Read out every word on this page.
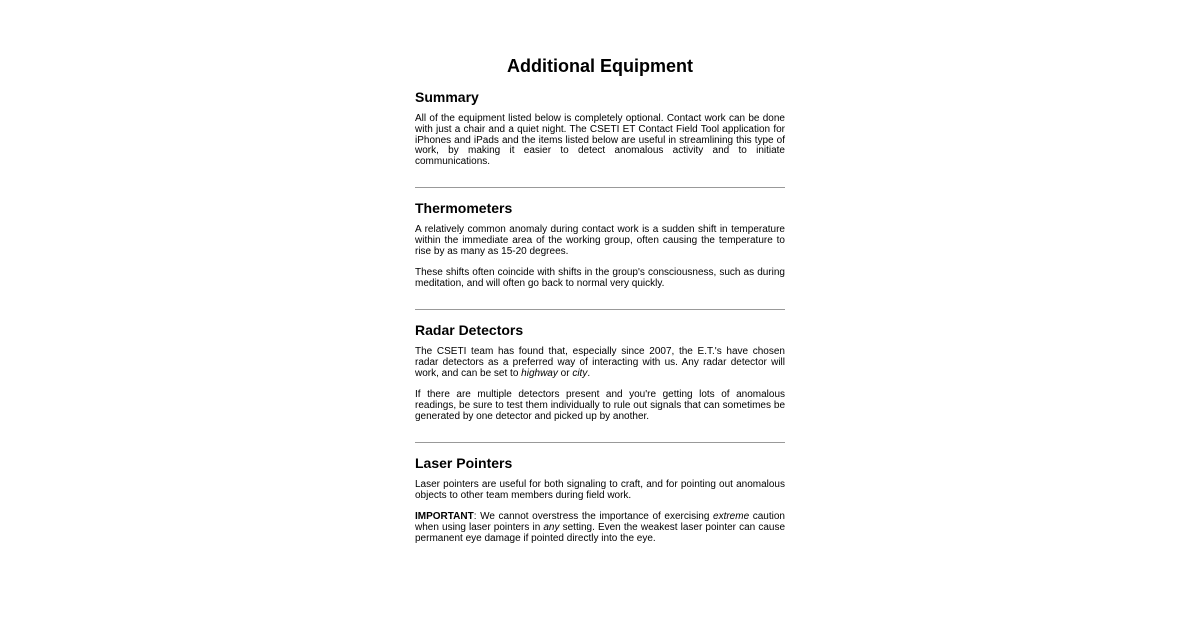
Additional Equipment
Summary

All of the equipment listed below is completely optional. Contact work can be done with just a chair and a quiet night. The CSETI ET Contact Field Tool application for iPhones and iPads and the items listed below are useful in streamlining this type of work, by making it easier to detect anomalous activity and to initiate communications.

Thermometers

A relatively common anomaly during contact work is a sudden shift in temperature within the immediate area of the working group, often causing the temperature to rise by as many as 15-20 degrees.

These shifts often coincide with shifts in the group's consciousness, such as during meditation, and will often go back to normal very quickly.

Radar Detectors

The CSETI team has found that, especially since 2007, the E.T.'s have chosen radar detectors as a preferred way of interacting with us. Any radar detector will work, and can be set to highway or city.

If there are multiple detectors present and you're getting lots of anomalous readings, be sure to test them individually to rule out signals that can sometimes be generated by one detector and picked up by another.

Laser Pointers

Laser pointers are useful for both signaling to craft, and for pointing out anomalous objects to other team members during field work.

IMPORTANT: We cannot overstress the importance of exercising extreme caution when using laser pointers in any setting. Even the weakest laser pointer can cause permanent eye damage if pointed directly into the eye.
